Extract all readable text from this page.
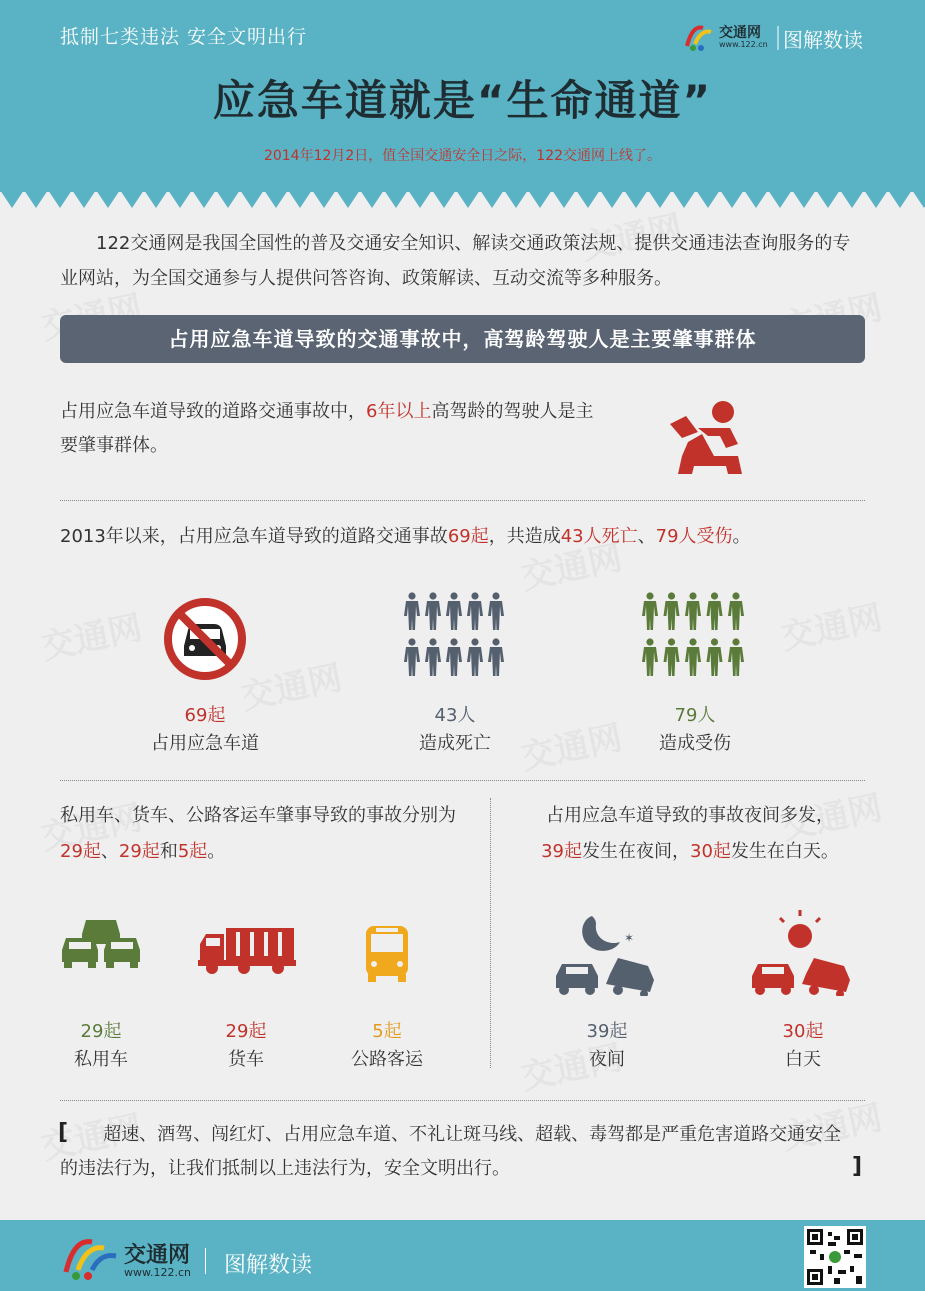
抵制七类违法 安全文明出行	交通网
www.122.cn 图解数读
应急车道就是“生命通道”
2014年12月2日，值全国交通安全日之际，122交通网上线了。
122交通网是我国全国性的普及交通安全知识、解读交通政策法规、提供交通违法查询服务的专业网站，为全国交通参与人提供问答咨询、政策解读、互动交流等多种服务。
占用应急车道导致的交通事故中，高驾龄驾驶人是主要肇事群体
占用应急车道导致的道路交通事故中，6年以上高驾龄的驾驶人是主要肇事群体。
2013年以来，占用应急车道导致的道路交通事故69起，共造成43人死亡、79人受伤。
69起
占用应急车道
43人
造成死亡
79人
造成受伤
私用车、货车、公路客运车肇事导致的事故分别为29起、29起和5起。
占用应急车道导致的事故夜间多发，
39起发生在夜间，30起发生在白天。
✶
29起
私用车
29起
货车
5起
公路客运
39起
夜间
30起
白天
[	超速、酒驾、闯红灯、占用应急车道、不礼让斑马线、超载、毒驾都是严重危害道路交通安全的违法行为，让我们抵制以上违法行为，安全文明出行。	]
交通网
www.122.cn 图解数读
